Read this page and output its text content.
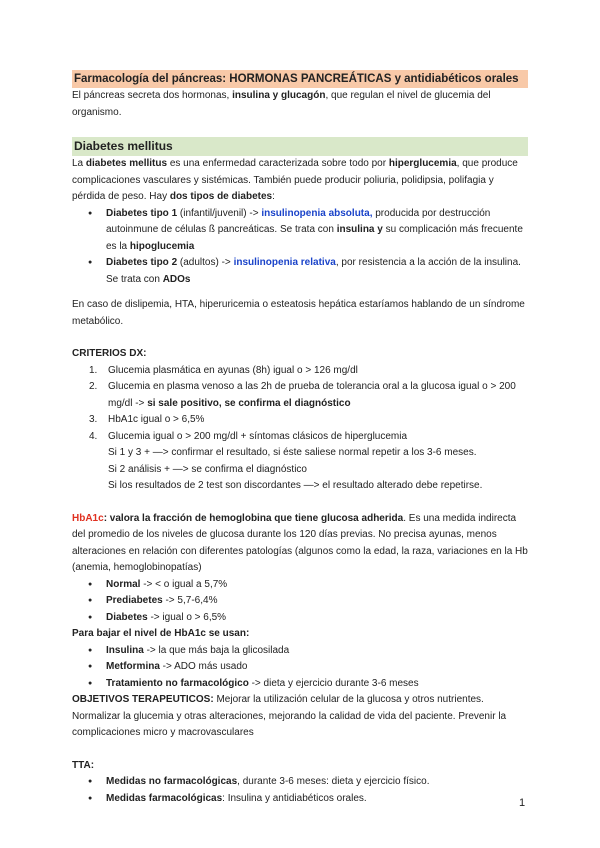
Farmacología del páncreas: HORMONAS PANCREÁTICAS y antidiabéticos orales

El páncreas secreta dos hormonas, insulina y glucagón, que regulan el nivel de glucemia del organismo.

Diabetes mellitus

La diabetes mellitus es una enfermedad caracterizada sobre todo por hiperglucemia, que produce complicaciones vasculares y sistémicas. También puede producir poliuria, polidipsia, polifagia y pérdida de peso. Hay dos tipos de diabetes:

● Diabetes tipo 1 (infantil/juvenil) -> insulinopenia absoluta, producida por destrucción autoinmune de células ß pancreáticas. Se trata con insulina y su complicación más frecuente es la hipoglucemia
● Diabetes tipo 2 (adultos) -> insulinopenia relativa, por resistencia a la acción de la insulina. Se trata con ADOs

En caso de dislipemia, HTA, hiperuricemia o esteatosis hepática estaríamos hablando de un síndrome metabólico.

CRITERIOS DX:

1. Glucemia plasmática en ayunas (8h) igual o > 126 mg/dl
2. Glucemia en plasma venoso a las 2h de prueba de tolerancia oral a la glucosa igual o > 200 mg/dl -> si sale positivo, se confirma el diagnóstico
3. HbA1c igual o > 6,5%
4. Glucemia igual o > 200 mg/dl + síntomas clásicos de hiperglucemia

Si 1 y 3 + —> confirmar el resultado, si éste saliese normal repetir a los 3-6 meses.

Si 2 análisis + —> se confirma el diagnóstico

Si los resultados de 2 test son discordantes —> el resultado alterado debe repetirse.

HbA1c: valora la fracción de hemoglobina que tiene glucosa adherida. Es una medida indirecta del promedio de los niveles de glucosa durante los 120 días previas. No precisa ayunas, menos alteraciones en relación con diferentes patologías (algunos como la edad, la raza, variaciones en la Hb (anemia, hemoglobinopatías)

● Normal -> < o igual a 5,7%
● Prediabetes -> 5,7-6,4%
● Diabetes -> igual o > 6,5%

Para bajar el nivel de HbA1c se usan:

● Insulina -> la que más baja la glicosilada
● Metformina -> ADO más usado
● Tratamiento no farmacológico -> dieta y ejercicio durante 3-6 meses

OBJETIVOS TERAPEUTICOS: Mejorar la utilización celular de la glucosa y otros nutrientes. Normalizar la glucemia y otras alteraciones, mejorando la calidad de vida del paciente. Prevenir la complicaciones micro y macrovasculares

TTA:

● Medidas no farmacológicas, durante 3-6 meses: dieta y ejercicio físico.
● Medidas farmacológicas: Insulina y antidiabéticos orales.	1
